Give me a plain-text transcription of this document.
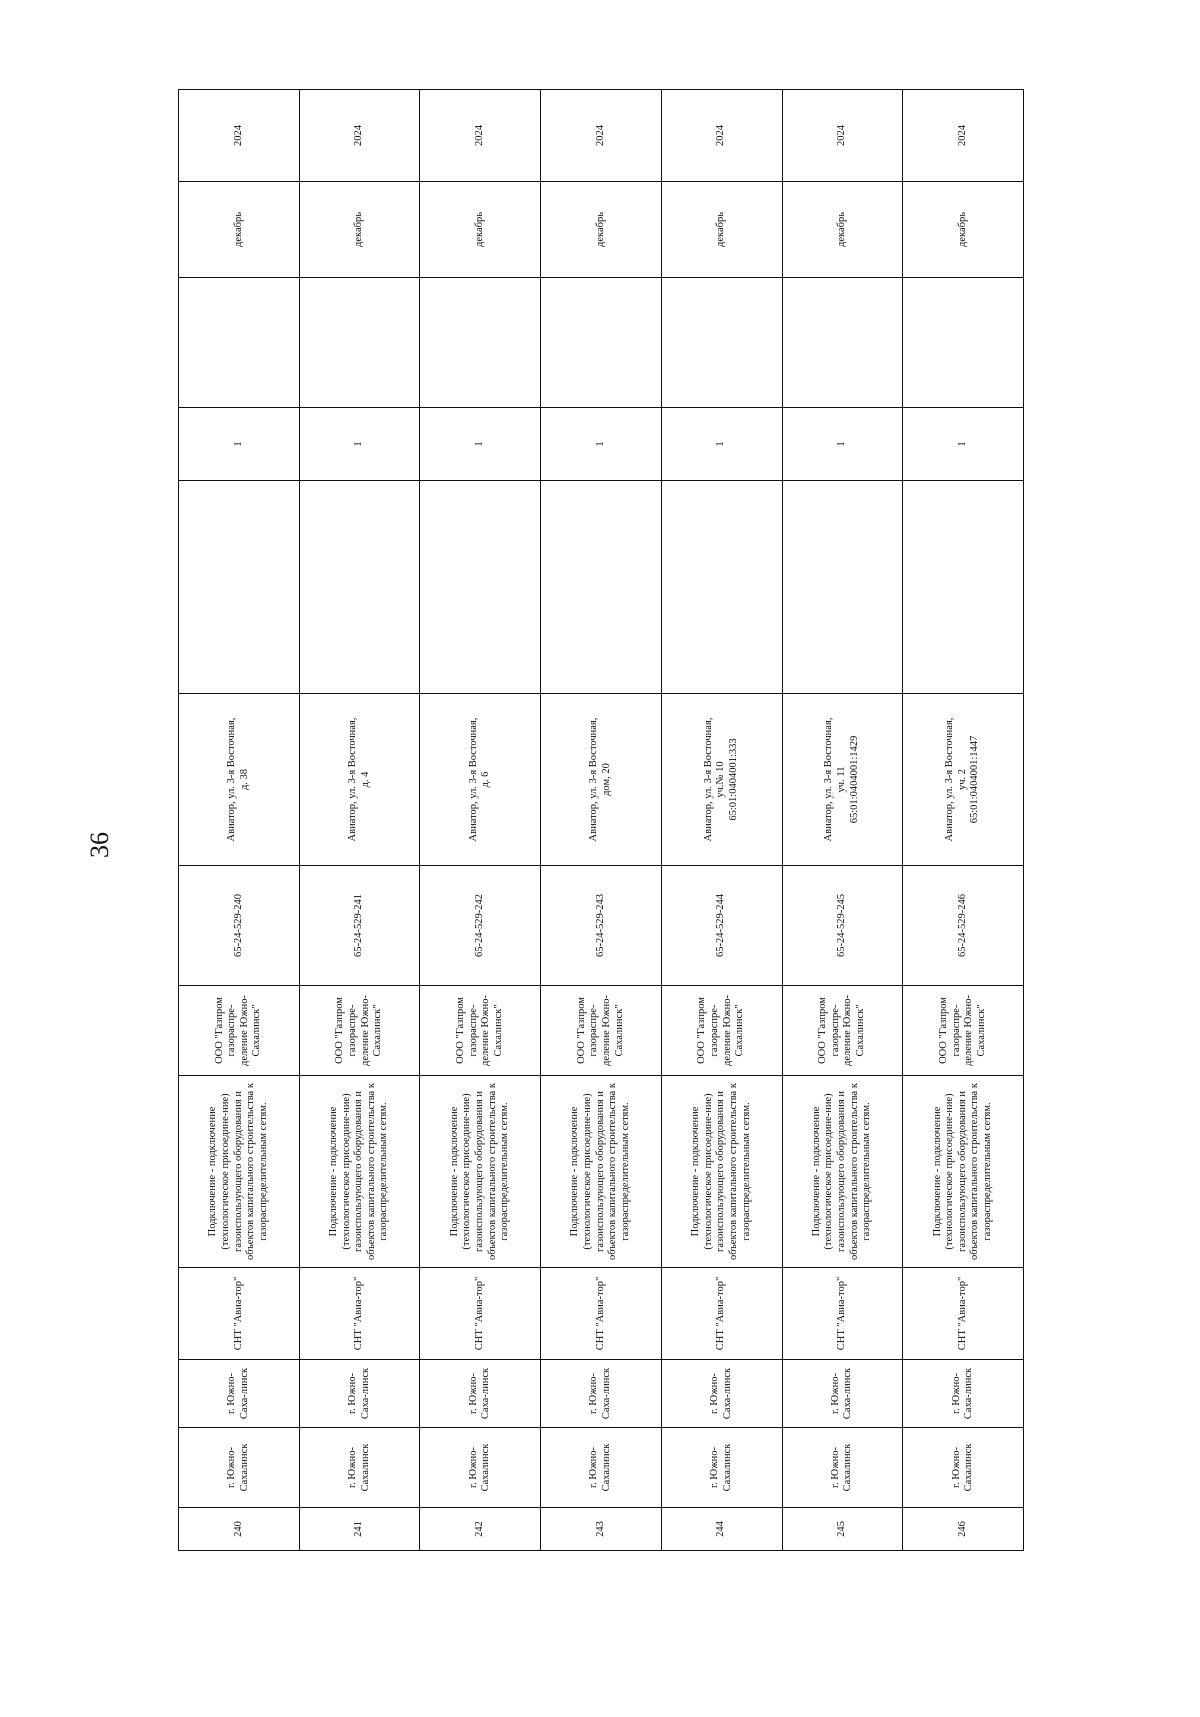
36
240	г. Южно-Сахалинск	г. Южно-Саха-линск	СНТ "Авиа-тор"	Подключение - подключение (технологическое присоедине-ние) газоиспользующего оборудования и объектов капитального строительства к газораспределительным сетям.	ООО "Газпром газораспре-деление Южно-Сахалинск"	65-24-529-240	Авиатор, ул. 3-я Восточная,
д. 38		1		декабрь	2024
241	г. Южно-Сахалинск	г. Южно-Саха-линск	СНТ "Авиа-тор"	Подключение - подключение (технологическое присоедине-ние) газоиспользующего оборудования и объектов капитального строительства к газораспределительным сетям.	ООО "Газпром газораспре-деление Южно-Сахалинск"	65-24-529-241	Авиатор, ул. 3-я Восточная,
д. 4		1		декабрь	2024
242	г. Южно-Сахалинск	г. Южно-Саха-линск	СНТ "Авиа-тор"	Подключение - подключение (технологическое присоедине-ние) газоиспользующего оборудования и объектов капитального строительства к газораспределительным сетям.	ООО "Газпром газораспре-деление Южно-Сахалинск"	65-24-529-242	Авиатор, ул. 3-я Восточная,
д. 6		1		декабрь	2024
243	г. Южно-Сахалинск	г. Южно-Саха-линск	СНТ "Авиа-тор"	Подключение - подключение (технологическое присоедине-ние) газоиспользующего оборудования и объектов капитального строительства к газораспределительным сетям.	ООО "Газпром газораспре-деление Южно-Сахалинск"	65-24-529-243	Авиатор, ул. 3-я Восточная,
дом, 20		1		декабрь	2024
244	г. Южно-Сахалинск	г. Южно-Саха-линск	СНТ "Авиа-тор"	Подключение - подключение (технологическое присоедине-ние) газоиспользующего оборудования и объектов капитального строительства к газораспределительным сетям.	ООО "Газпром газораспре-деление Южно-Сахалинск"	65-24-529-244	Авиатор, ул. 3-я Восточная,
уч.№ 10
65:01:0404001:333		1		декабрь	2024
245	г. Южно-Сахалинск	г. Южно-Саха-линск	СНТ "Авиа-тор"	Подключение - подключение (технологическое присоедине-ние) газоиспользующего оборудования и объектов капитального строительства к газораспределительным сетям.	ООО "Газпром газораспре-деление Южно-Сахалинск"	65-24-529-245	Авиатор, ул. 3-я Восточная,
уч. 11
65:01:0404001:1429		1		декабрь	2024
246	г. Южно-Сахалинск	г. Южно-Саха-линск	СНТ "Авиа-тор"	Подключение - подключение (технологическое присоедине-ние) газоиспользующего оборудования и объектов капитального строительства к газораспределительным сетям.	ООО "Газпром газораспре-деление Южно-Сахалинск"	65-24-529-246	Авиатор, ул. 3-я Восточная,
уч. 2
65:01:0404001:1447		1		декабрь	2024
